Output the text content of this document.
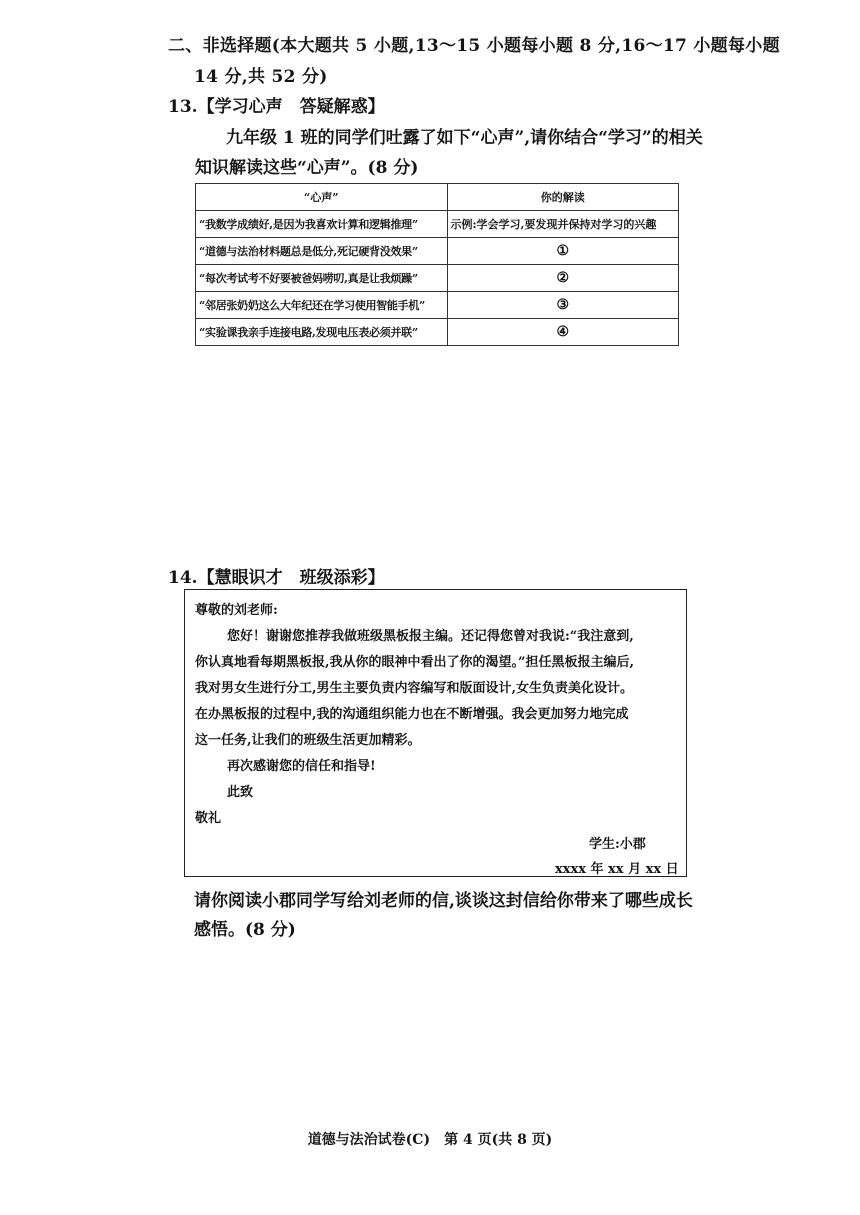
二、非选择题(本大题共 5 小题,13～15 小题每小题 8 分,16～17 小题每小题
14 分,共 52 分)
13.【学习心声　答疑解惑】
九年级 1 班的同学们吐露了如下“心声”,请你结合“学习”的相关
知识解读这些“心声”。(8 分)
“心声”	你的解读
“我数学成绩好,是因为我喜欢计算和逻辑推理”	示例:学会学习,要发现并保持对学习的兴趣
“道德与法治材料题总是低分,死记硬背没效果”	①
“每次考试考不好要被爸妈唠叨,真是让我烦躁”	②
“邻居张奶奶这么大年纪还在学习使用智能手机”	③
“实验课我亲手连接电路,发现电压表必须并联”	④
14.【慧眼识才　班级添彩】
尊敬的刘老师:
您好！谢谢您推荐我做班级黑板报主编。还记得您曾对我说:“我注意到,
你认真地看每期黑板报,我从你的眼神中看出了你的渴望。”担任黑板报主编后,
我对男女生进行分工,男生主要负责内容编写和版面设计,女生负责美化设计。
在办黑板报的过程中,我的沟通组织能力也在不断增强。我会更加努力地完成
这一任务,让我们的班级生活更加精彩。
再次感谢您的信任和指导!
此致
敬礼
学生:小郡
xxxx 年 xx 月 xx 日
请你阅读小郡同学写给刘老师的信,谈谈这封信给你带来了哪些成长
感悟。(8 分)
道德与法治试卷(C)　第 4 页(共 8 页)
